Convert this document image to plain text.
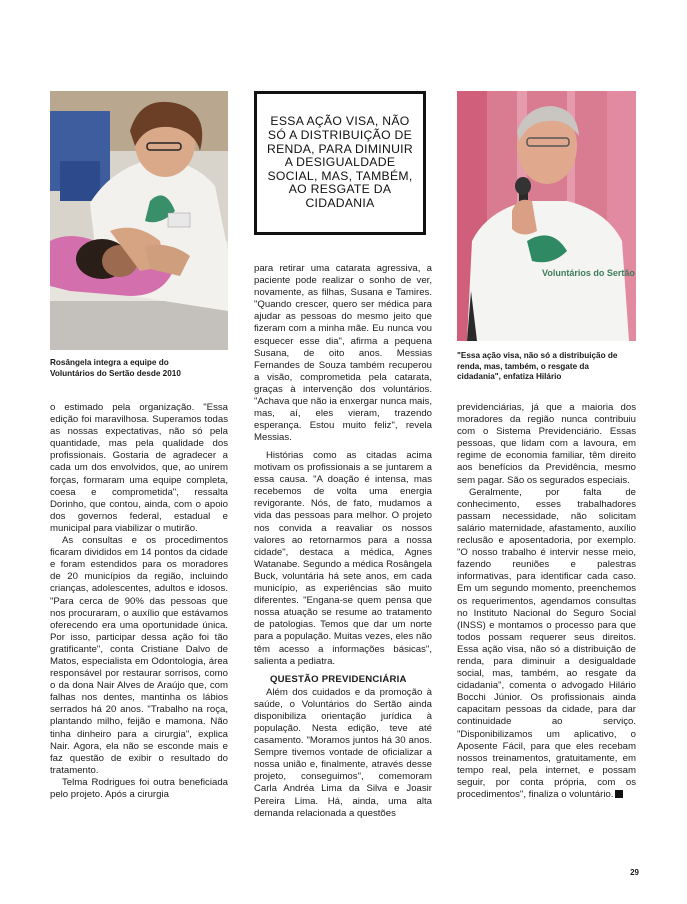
Rosângela integra a equipe do Voluntários do Sertão desde 2010
ESSA AÇÃO VISA, NÃO SÓ A DISTRIBUIÇÃO DE RENDA, PARA DIMINUIR A DESIGUALDADE SOCIAL, MAS, TAMBÉM, AO RESGATE DA CIDADANIA
Voluntários do Sertão
"Essa ação visa, não só a distribuição de renda, mas, também, o resgate da cidadania", enfatiza Hilário

para retirar uma catarata agressiva, a paciente pode realizar o sonho de ver, novamente, as filhas, Susana e Tamires. "Quando crescer, quero ser médica para ajudar as pessoas do mesmo jeito que fizeram com a minha mãe. Eu nunca vou esquecer esse dia", afirma a pequena Susana, de oito anos. Messias Fernandes de Souza também recuperou a visão, comprometida pela catarata, graças à intervenção dos voluntários. "Achava que não ia enxergar nunca mais, mas, aí, eles vieram, trazendo esperança. Estou muito feliz", revela Messias.

o estimado pela organização. "Essa edição foi maravilhosa. Superamos todas as nossas expectativas, não só pela quantidade, mas pela qualidade dos profissionais. Gostaria de agradecer a cada um dos envolvidos, que, ao unirem forças, formaram uma equipe completa, coesa e comprometida", ressalta Dorinho, que contou, ainda, com o apoio dos governos federal, estadual e municipal para viabilizar o mutirão.

As consultas e os procedimentos ficaram divididos em 14 pontos da cidade e foram estendidos para os moradores de 20 municípios da região, incluindo crianças, adolescentes, adultos e idosos. "Para cerca de 90% das pessoas que nos procuraram, o auxílio que estávamos oferecendo era uma oportunidade única. Por isso, participar dessa ação foi tão gratificante", conta Cristiane Dalvo de Matos, especialista em Odontologia, área responsável por restaurar sorrisos, como o da dona Nair Alves de Araújo que, com falhas nos dentes, mantinha os lábios serrados há 20 anos. "Trabalho na roça, plantando milho, feijão e mamona. Não tinha dinheiro para a cirurgia", explica Nair. Agora, ela não se esconde mais e faz questão de exibir o resultado do tratamento.

Telma Rodrigues foi outra beneficiada pelo projeto. Após a cirurgia

Histórias como as citadas acima motivam os profissionais a se juntarem a essa causa. "A doação é intensa, mas recebemos de volta uma energia revigorante. Nós, de fato, mudamos a vida das pessoas para melhor. O projeto nos convida a reavaliar os nossos valores ao retornarmos para a nossa cidade", destaca a médica, Agnes Watanabe. Segundo a médica Rosângela Buck, voluntária há sete anos, em cada município, as experiências são muito diferentes. "Enganа-se quem pensa que nossa atuação se resume ao tratamento de patologias. Temos que dar um norte para a população. Muitas vezes, eles não têm acesso a informações básicas", salienta a pediatra.

QUESTÃO PREVIDENCIÁRIA

Além dos cuidados e da promoção à saúde, o Voluntários do Sertão ainda disponibiliza orientação jurídica à população. Nesta edição, teve até casamento. "Moramos juntos há 30 anos. Sempre tivemos vontade de oficializar a nossa união e, finalmente, através desse projeto, conseguimos", comemoram Carla Andréa Lima da Silva e Joasir Pereira Lima. Há, ainda, uma alta demanda relacionada a questões

previdenciárias, já que a maioria dos moradores da região nunca contribuiu com o Sistema Previdenciário. Essas pessoas, que lidam com a lavoura, em regime de economia familiar, têm direito aos benefícios da Previdência, mesmo sem pagar. São os segurados especiais.

Geralmente, por falta de conhecimento, esses trabalhadores passam necessidade, não solicitam salário maternidade, afastamento, auxílio reclusão e aposentadoria, por exemplo. "O nosso trabalho é intervir nesse meio, fazendo reuniões e palestras informativas, para identificar cada caso. Em um segundo momento, preenchemos os requerimentos, agendamos consultas no Instituto Nacional do Seguro Social (INSS) e montamos o processo para que todos possam requerer seus direitos. Essa ação visa, não só a distribuição de renda, para diminuir a desigualdade social, mas, também, ao resgate da cidadania", comenta o advogado Hilário Bocchi Júnior. Os profissionais ainda capacitam pessoas da cidade, para dar continuidade ao serviço. "Disponibilizamos um aplicativo, o Aposente Fácil, para que eles recebam nossos treinamentos, gratuitamente, em tempo real, pela internet, e possam seguir, por conta própria, com os procedimentos", finaliza o voluntário.

29
